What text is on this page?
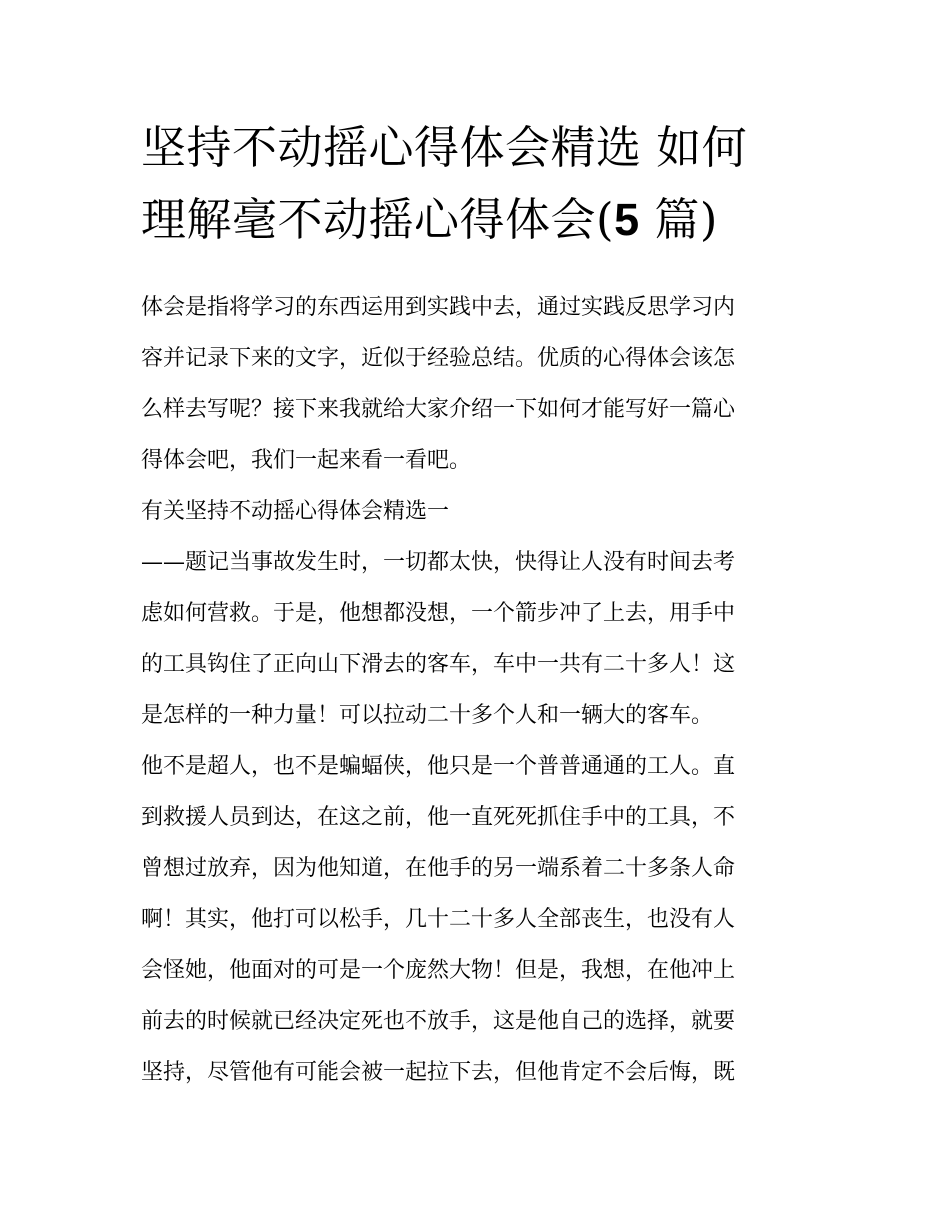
坚持不动摇心得体会精选 如何
理解毫不动摇心得体会(5 篇)
体会是指将学习的东西运用到实践中去，通过实践反思学习内
容并记录下来的文字，近似于经验总结。优质的心得体会该怎
么样去写呢？接下来我就给大家介绍一下如何才能写好一篇心
得体会吧，我们一起来看一看吧。
有关坚持不动摇心得体会精选一
——题记当事故发生时，一切都太快，快得让人没有时间去考
虑如何营救。于是，他想都没想，一个箭步冲了上去，用手中
的工具钩住了正向山下滑去的客车，车中一共有二十多人！这
是怎样的一种力量！可以拉动二十多个人和一辆大的客车。
他不是超人，也不是蝙蝠侠，他只是一个普普通通的工人。直
到救援人员到达，在这之前，他一直死死抓住手中的工具，不
曾想过放弃，因为他知道，在他手的另一端系着二十多条人命
啊！其实，他打可以松手，几十二十多人全部丧生，也没有人
会怪她，他面对的可是一个庞然大物！但是，我想，在他冲上
前去的时候就已经决定死也不放手，这是他自己的选择，就要
坚持，尽管他有可能会被一起拉下去，但他肯定不会后悔，既
